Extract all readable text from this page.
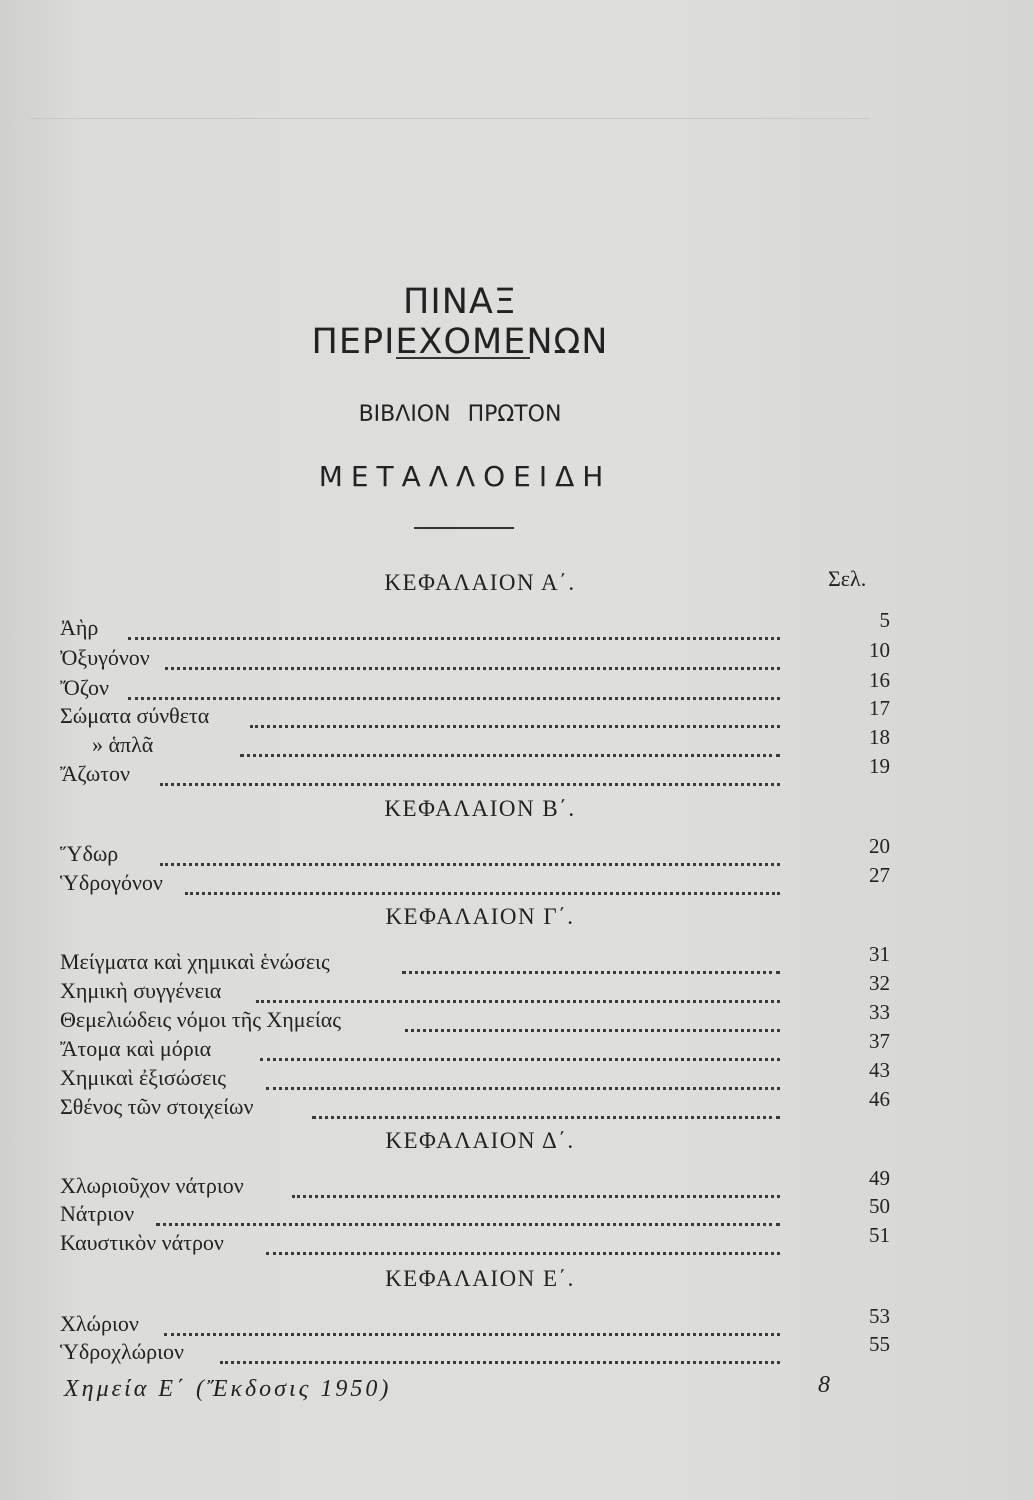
ΠΙΝΑΞ ΠΕΡΙΕΧΟΜΕΝΩΝ
ΒΙΒΛΙΟΝ ΠΡΩΤΟΝ
ΜΕΤΑΛΛΟΕΙΔΗ
Σελ.
ΚΕΦΑΛΑΙΟΝ Α΄.
Ἀὴρ	5
Ὀξυγόνον	10
Ὄζον	16
Σώματα σύνθετα	17
» ἁπλᾶ	18
Ἄζωτον	19
ΚΕΦΑΛΑΙΟΝ Β΄.
Ὕδωρ	20
Ὑδρογόνον	27
ΚΕΦΑΛΑΙΟΝ Γ΄.
Μείγματα καὶ χημικαὶ ἑνώσεις	31
Χημικὴ συγγένεια	32
Θεμελιώδεις νόμοι τῆς Χημείας	33
Ἄτομα καὶ μόρια	37
Χημικαὶ ἐξισώσεις	43
Σθένος τῶν στοιχείων	46
ΚΕΦΑΛΑΙΟΝ Δ΄.
Χλωριοῦχον νάτριον	49
Νάτριον	50
Καυστικὸν νάτρον	51
ΚΕΦΑΛΑΙΟΝ Ε΄.
Χλώριον	53
Ὑδροχλώριον	55
Χημεία Ε΄ (Ἔκδοσις 1950)	8
